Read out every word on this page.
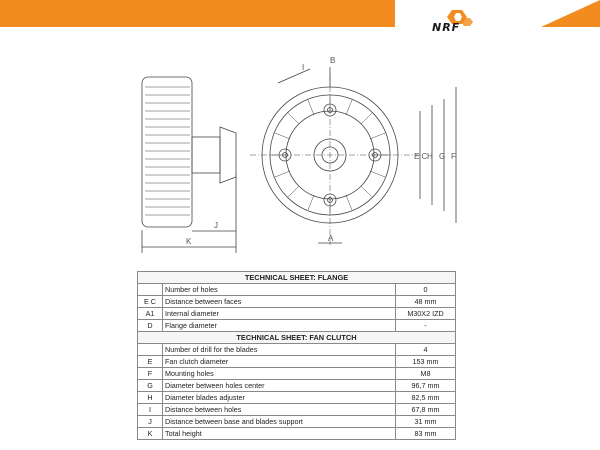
NRF
I
B
J
K	A
E C H G F
TECHNICAL SHEET: FLANGE		
	Number of holes	0
E C	Distance between faces	48 mm
A1	Internal diameter	M30X2 IZD
D	Flange diameter	-
TECHNICAL SHEET: FAN CLUTCH		
	Number of drill for the blades	4
E	Fan clutch diameter	153 mm
F	Mounting holes	M8
G	Diameter between holes center	96,7 mm
H	Diameter blades adjuster	82,5 mm
I	Distance between holes	67,8 mm
J	Distance between base and blades support	31 mm
K	Total height	83 mm
